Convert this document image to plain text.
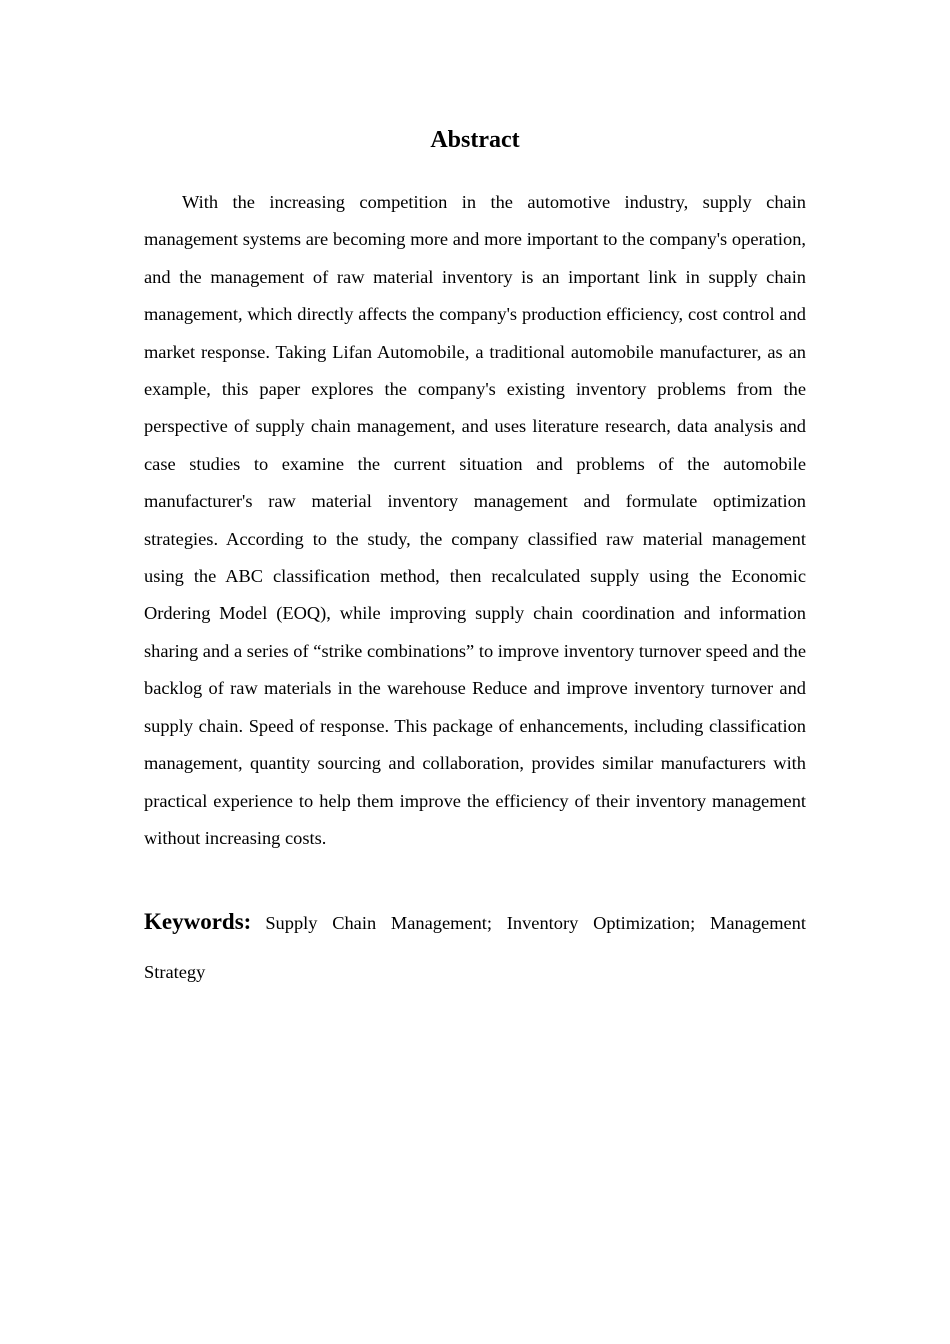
Abstract

With the increasing competition in the automotive industry, supply chain management systems are becoming more and more important to the company's operation, and the management of raw material inventory is an important link in supply chain management, which directly affects the company's production efficiency, cost control and market response. Taking Lifan Automobile, a traditional automobile manufacturer, as an example, this paper explores the company's existing inventory problems from the perspective of supply chain management, and uses literature research, data analysis and case studies to examine the current situation and problems of the automobile manufacturer's raw material inventory management and formulate optimization strategies. According to the study, the company classified raw material management using the ABC classification method, then recalculated supply using the Economic Ordering Model (EOQ), while improving supply chain coordination and information sharing and a series of “strike combinations” to improve inventory turnover speed and the backlog of raw materials in the warehouse Reduce and improve inventory turnover and supply chain. Speed of response. This package of enhancements, including classification management, quantity sourcing and collaboration, provides similar manufacturers with practical experience to help them improve the efficiency of their inventory management without increasing costs.

Keywords: Supply Chain Management; Inventory Optimization; Management Strategy
